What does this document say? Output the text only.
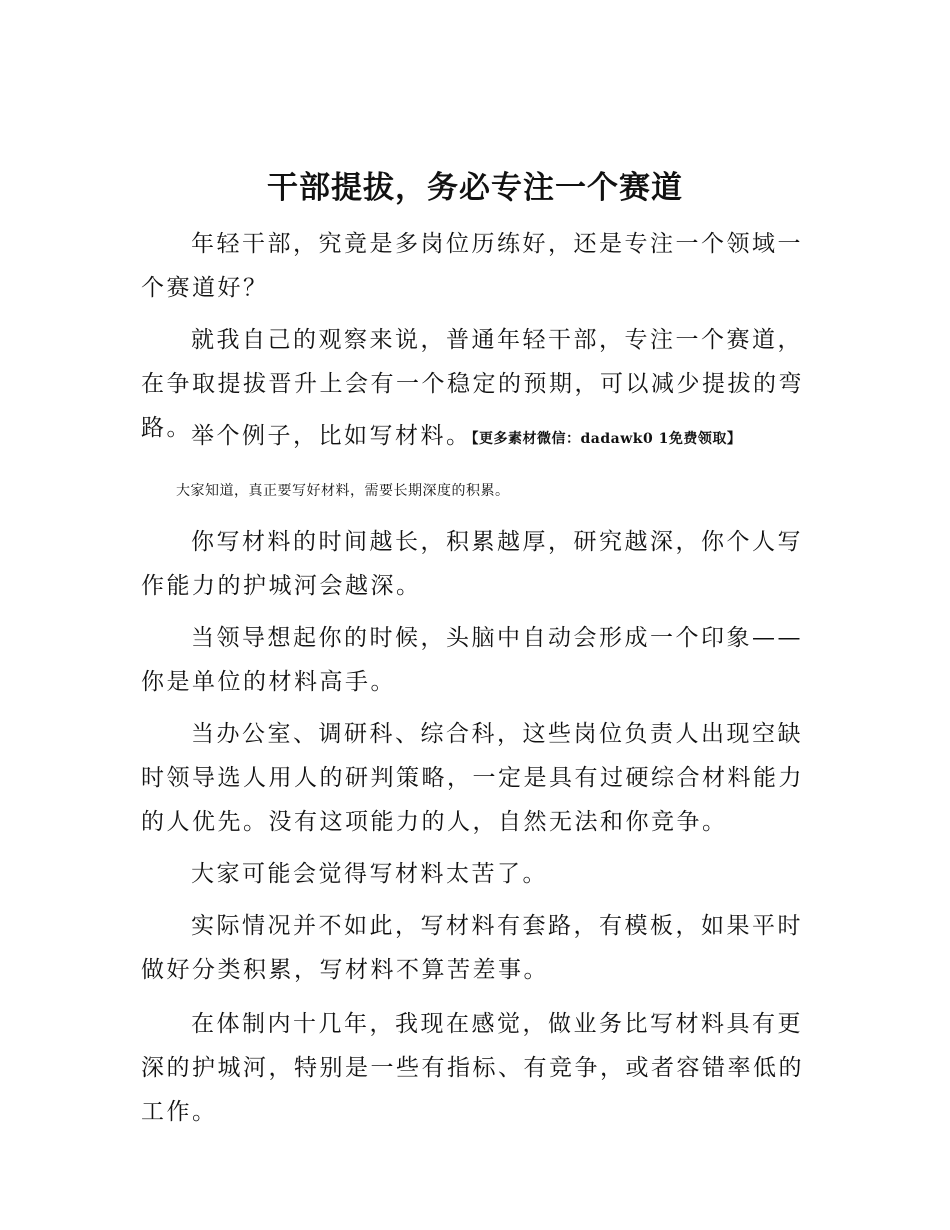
干部提拔，务必专注一个赛道

年轻干部，究竟是多岗位历练好，还是专注一个领域一个赛道好？

就我自己的观察来说，普通年轻干部，专注一个赛道，在争取提拔晋升上会有一个稳定的预期，可以减少提拔的弯路。 举个例子，比如写材料。【更多素材微信：dadawk0 1免费领取】

大家知道，真正要写好材料，需要长期深度的积累。

你写材料的时间越长，积累越厚，研究越深，你个人写作能力的护城河会越深。

当领导想起你的时候，头脑中自动会形成一个印象——你是单位的材料高手。

当办公室、调研科、综合科，这些岗位负责人出现空缺时领导选人用人的研判策略，一定是具有过硬综合材料能力的人优先。没有这项能力的人，自然无法和你竞争。

大家可能会觉得写材料太苦了。

实际情况并不如此，写材料有套路，有模板，如果平时做好分类积累，写材料不算苦差事。

在体制内十几年，我现在感觉，做业务比写材料具有更深的护城河，特别是一些有指标、有竞争，或者容错率低的工作。
